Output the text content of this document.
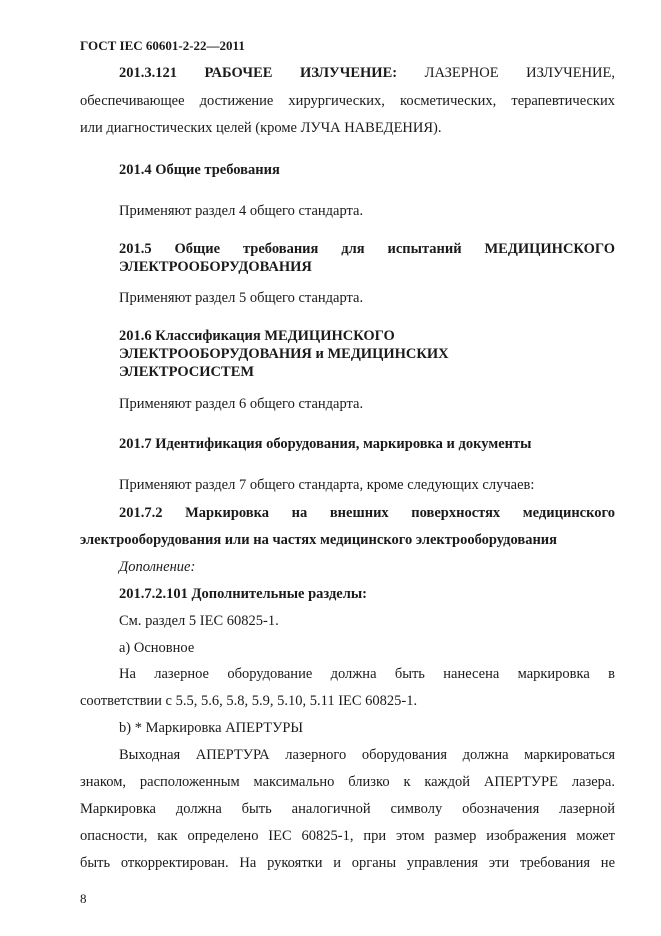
ГОСТ IEC 60601-2-22—2011
201.3.121 РАБОЧЕЕ ИЗЛУЧЕНИЕ: ЛАЗЕРНОЕ ИЗЛУЧЕНИЕ,
обеспечивающее достижение хирургических, косметических, терапевтических
или диагностических целей (кроме ЛУЧА НАВЕДЕНИЯ).
201.4 Общие требования
Применяют раздел 4 общего стандарта.
201.5 Общие требования для испытаний МЕДИЦИНСКОГО
ЭЛЕКТРООБОРУДОВАНИЯ
Применяют раздел 5 общего стандарта.
201.6 Классификация МЕДИЦИНСКОГО
ЭЛЕКТРООБОРУДОВАНИЯ и МЕДИЦИНСКИХ
ЭЛЕКТРОСИСТЕМ
Применяют раздел 6 общего стандарта.
201.7 Идентификация оборудования, маркировка и документы
Применяют раздел 7 общего стандарта, кроме следующих случаев:
201.7.2 Маркировка на внешних поверхностях медицинского
электрооборудования или на частях медицинского электрооборудования
Дополнение:
201.7.2.101 Дополнительные разделы:
См. раздел 5 IEC 60825-1.
а) Основное
На лазерное оборудование должна быть нанесена маркировка в
соответствии с 5.5, 5.6, 5.8, 5.9, 5.10, 5.11 IEC 60825-1.
b) * Маркировка АПЕРТУРЫ
Выходная АПЕРТУРА лазерного оборудования должна маркироваться
знаком, расположенным максимально близко к каждой АПЕРТУРЕ лазера.
Маркировка должна быть аналогичной символу обозначения лазерной
опасности, как определено IEC 60825-1, при этом размер изображения может
быть откорректирован. На рукоятки и органы управления эти требования не
8
